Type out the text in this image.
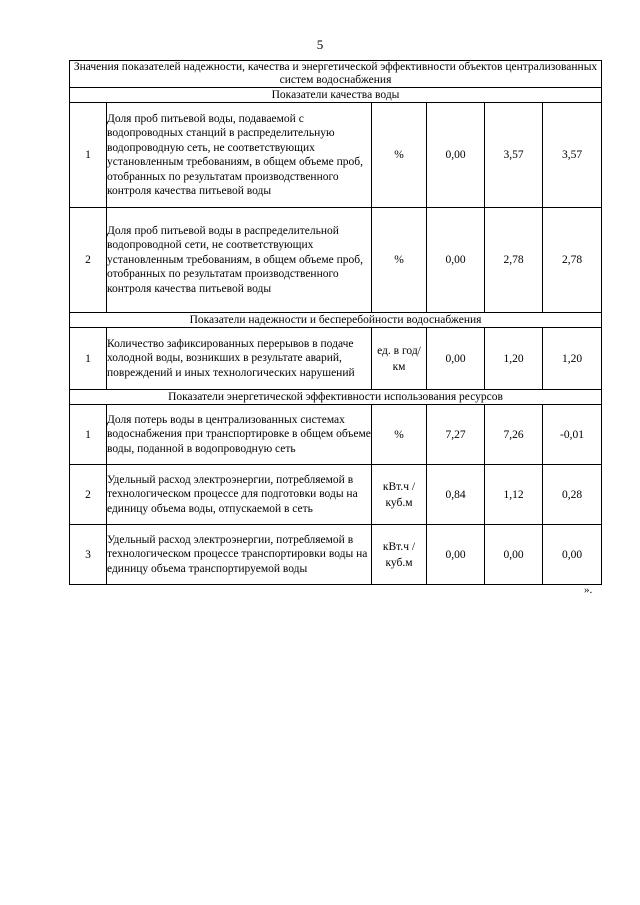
5
Значения показателей надежности, качества и энергетической эффективности объектов централизованных систем водоснабжения					
Показатели качества воды					
1	Доля проб питьевой воды, подаваемой с водопроводных станций в распределительную водопроводную сеть, не соответствующих установленным требованиям, в общем объеме проб, отобранных по результатам производственного контроля качества питьевой воды	%	0,00	3,57	3,57
2	Доля проб питьевой воды в распределительной водопроводной сети, не соответствующих установленным требованиям, в общем объеме проб, отобранных по результатам производственного контроля качества питьевой воды	%	0,00	2,78	2,78
Показатели надежности и бесперебойности водоснабжения					
1	Количество зафиксированных перерывов в подаче холодной воды, возникших в результате аварий, повреждений и иных технологических нарушений	ед. в год/ км	0,00	1,20	1,20
Показатели энергетической эффективности использования ресурсов					
1	Доля потерь воды в централизованных системах водоснабжения при транспортировке в общем объеме воды, поданной в водопроводную сеть	%	7,27	7,26	-0,01
2	Удельный расход электроэнергии, потребляемой в технологическом процессе для подготовки воды на единицу объема воды, отпускаемой в сеть	кВт.ч / куб.м	0,84	1,12	0,28
3	Удельный расход электроэнергии, потребляемой в технологическом процессе транспортировки воды на единицу объема транспортируемой воды	кВт.ч / куб.м	0,00	0,00	0,00

».
